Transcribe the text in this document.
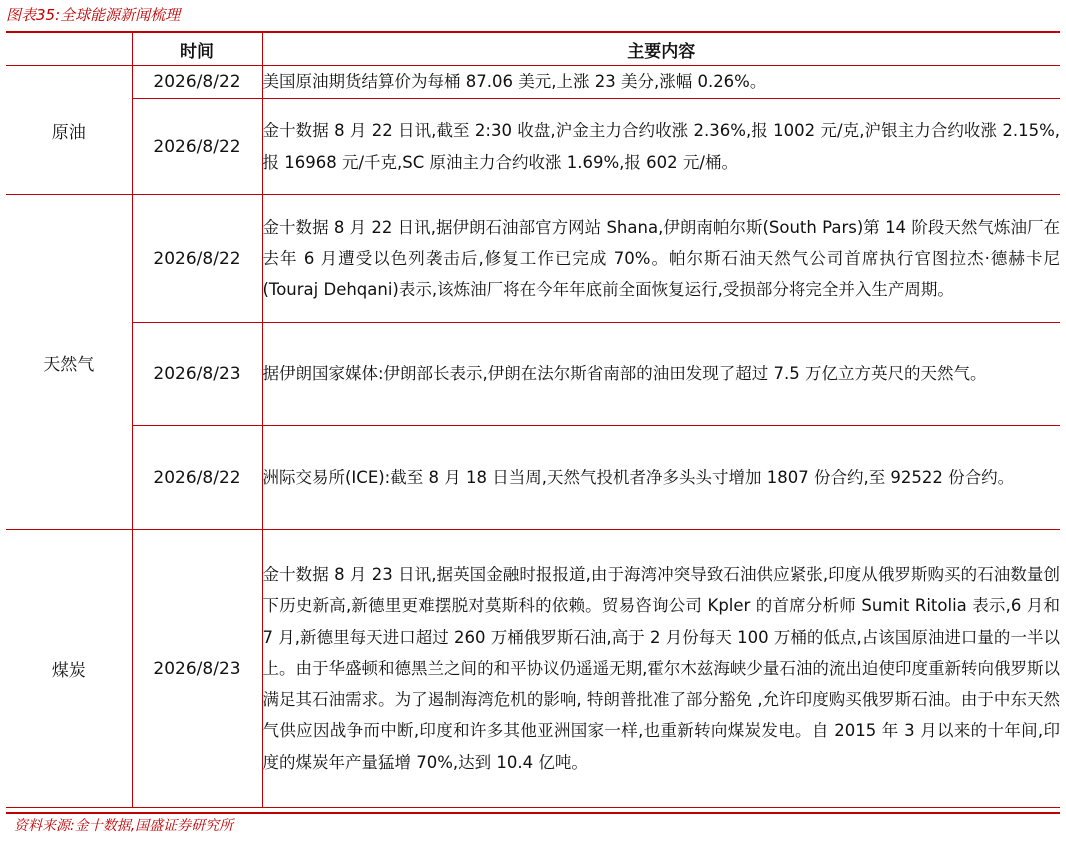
图表35:全球能源新闻梳理
	时间	主要内容
原油	2026/8/22	美国原油期货结算价为每桶 87.06 美元,上涨 23 美分,涨幅 0.26%。
	2026/8/22	金十数据 8 月 22 日讯,截至 2:30 收盘,沪金主力合约收涨 2.36%,报 1002 元/克,沪银主力合约收涨 2.15%,报 16968 元/千克,SC 原油主力合约收涨 1.69%,报 602 元/桶。
天然气	2026/8/22	金十数据 8 月 22 日讯,据伊朗石油部官方网站 Shana,伊朗南帕尔斯(South Pars)第 14 阶段天然气炼油厂在去年 6 月遭受以色列袭击后,修复工作已完成 70%。帕尔斯石油天然气公司首席执行官图拉杰·德赫卡尼(Touraj Dehqani)表示,该炼油厂将在今年年底前全面恢复运行,受损部分将完全并入生产周期。
	2026/8/23	据伊朗国家媒体:伊朗部长表示,伊朗在法尔斯省南部的油田发现了超过 7.5 万亿立方英尺的天然气。
	2026/8/22	洲际交易所(ICE):截至 8 月 18 日当周,天然气投机者净多头头寸增加 1807 份合约,至 92522 份合约。
煤炭	2026/8/23	金十数据 8 月 23 日讯,据英国金融时报报道,由于海湾冲突导致石油供应紧张,印度从俄罗斯购买的石油数量创下历史新高,新德里更难摆脱对莫斯科的依赖。贸易咨询公司 Kpler 的首席分析师 Sumit Ritolia 表示,6 月和 7 月,新德里每天进口超过 260 万桶俄罗斯石油,高于 2 月份每天 100 万桶的低点,占该国原油进口量的一半以上。由于华盛顿和德黑兰之间的和平协议仍遥遥无期,霍尔木兹海峡少量石油的流出迫使印度重新转向俄罗斯以满足其石油需求。为了遏制海湾危机的影响, 特朗普批准了部分豁免 ,允许印度购买俄罗斯石油。由于中东天然气供应因战争而中断,印度和许多其他亚洲国家一样,也重新转向煤炭发电。自 2015 年 3 月以来的十年间,印度的煤炭年产量猛增 70%,达到 10.4 亿吨。
资料来源:金十数据,国盛证券研究所
